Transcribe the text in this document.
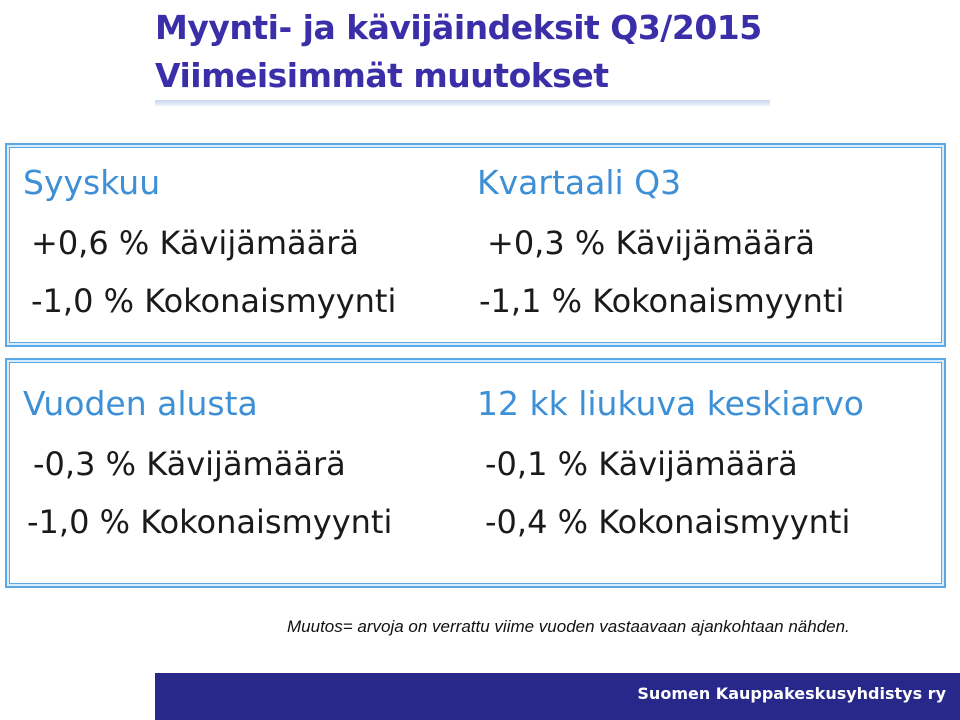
Myynti- ja kävijäindeksit Q3/2015
Viimeisimmät muutokset
Syyskuu
+0,6 % Kävijämäärä
-1,0 % Kokonaismyynti
Kvartaali Q3
+0,3 % Kävijämäärä
-1,1 % Kokonaismyynti
Vuoden alusta
-0,3 % Kävijämäärä
-1,0 % Kokonaismyynti
12 kk liukuva keskiarvo
-0,1 % Kävijämäärä
-0,4 % Kokonaismyynti
Muutos= arvoja on verrattu viime vuoden vastaavaan ajankohtaan nähden.
Suomen Kauppakeskusyhdistys ry
